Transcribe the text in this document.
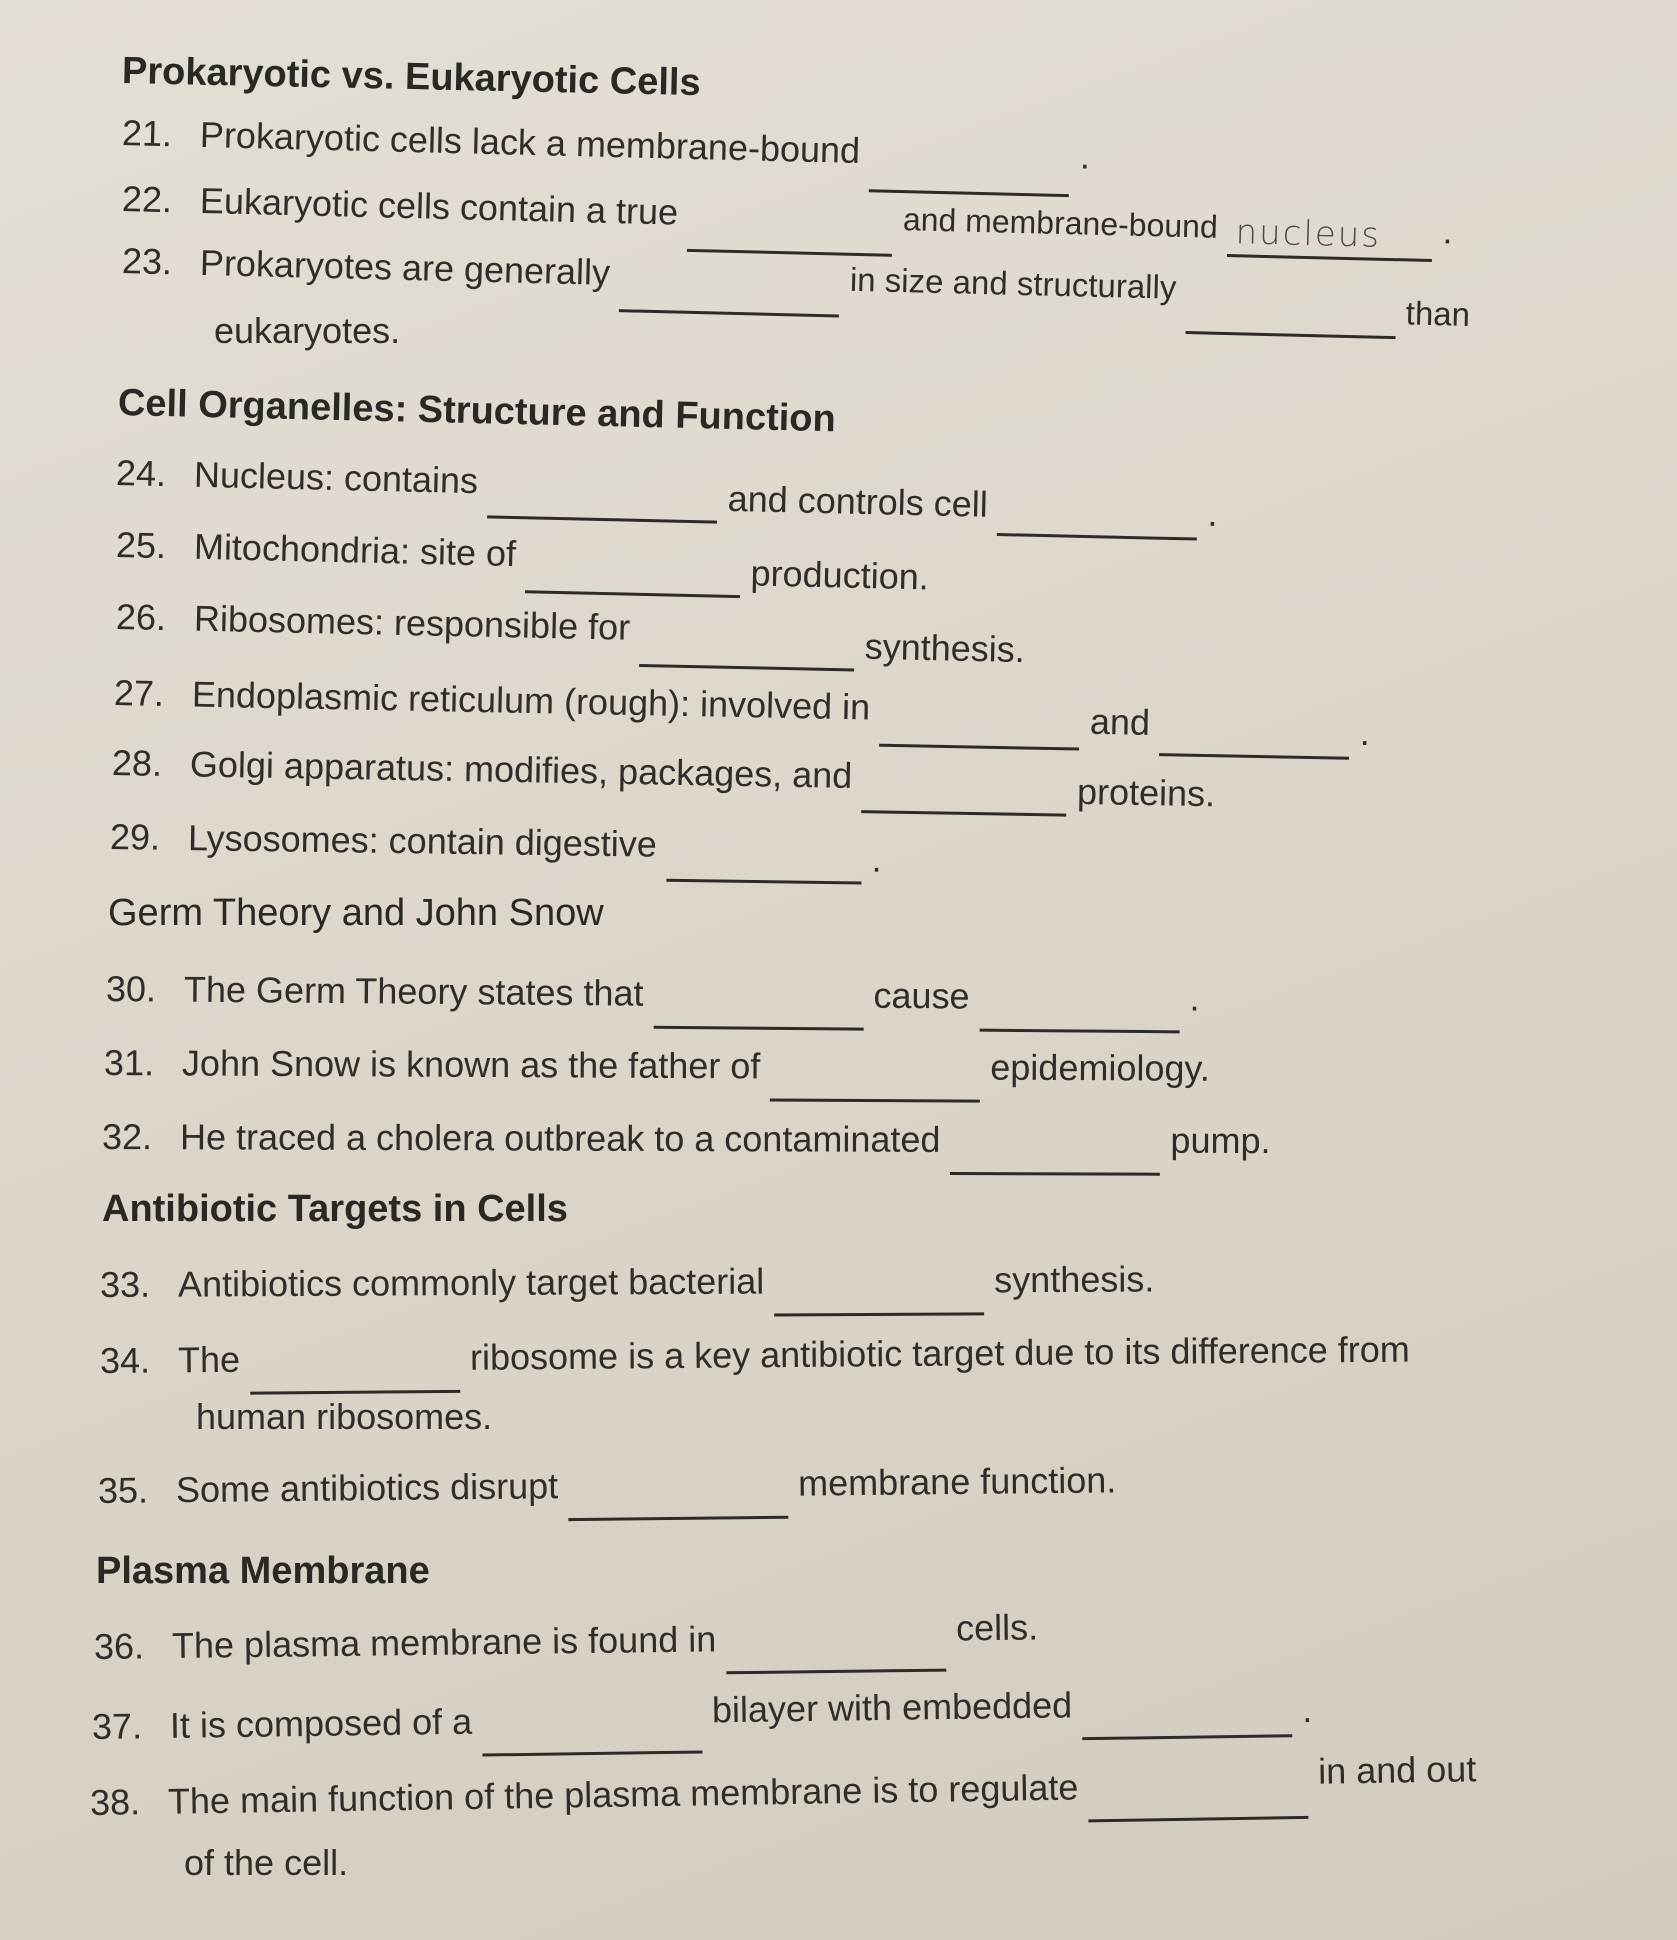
Prokaryotic vs. Eukaryotic Cells
21. Prokaryotic cells lack a membrane-bound	.
22. Eukaryotic cells contain a true	and membrane-bound nucleus .
23. Prokaryotes are generally	in size and structurallythan
eukaryotes.
Cell Organelles: Structure and Function
24. Nucleus: containsand controls cell	.
25. Mitochondria: site ofproduction.
26. Ribosomes: responsible forsynthesis.
27. Endoplasmic reticulum (rough): involved in	and	.
28. Golgi apparatus: modifies, packages, and	proteins.
29. Lysosomes: contain digestive	.
Germ Theory and John Snow
30. The Germ Theory states that	cause	.
31. John Snow is known as the father of	epidemiology.
32. He traced a cholera outbreak to a contaminated	pump.
Antibiotic Targets in Cells
33. Antibiotics commonly target bacterial	synthesis.
34. The	ribosome is a key antibiotic target due to its difference from
human ribosomes.
35. Some antibiotics disrupt	membrane function.
Plasma Membrane
36. The plasma membrane is found in	cells.
37. It is composed of a	bilayer with embedded	.
38. The main function of the plasma membrane is to regulate	in and out
of the cell.
